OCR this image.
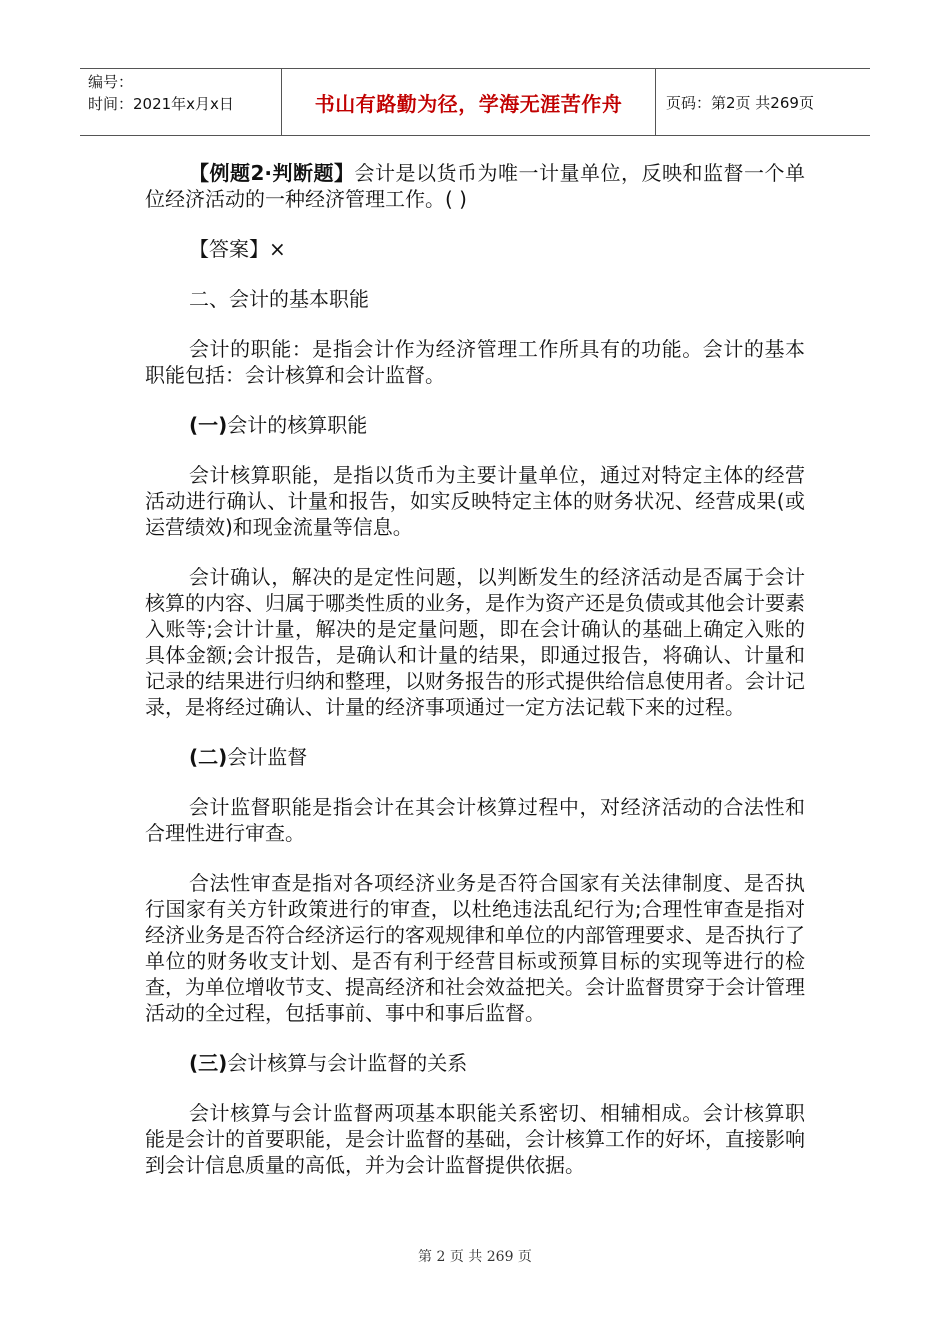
编号：
时间：2021年x月x日	书山有路勤为径，学海无涯苦作舟	页码：第2页 共269页

【例题2·判断题】会计是以货币为唯一计量单位，反映和监督一个单位经济活动的一种经济管理工作。( )

【答案】×

二、会计的基本职能

会计的职能：是指会计作为经济管理工作所具有的功能。会计的基本职能包括：会计核算和会计监督。

(一)会计的核算职能

会计核算职能，是指以货币为主要计量单位，通过对特定主体的经营活动进行确认、计量和报告，如实反映特定主体的财务状况、经营成果(或运营绩效)和现金流量等信息。

会计确认，解决的是定性问题，以判断发生的经济活动是否属于会计核算的内容、归属于哪类性质的业务，是作为资产还是负债或其他会计要素入账等;会计计量，解决的是定量问题，即在会计确认的基础上确定入账的具体金额;会计报告，是确认和计量的结果，即通过报告，将确认、计量和记录的结果进行归纳和整理，以财务报告的形式提供给信息使用者。会计记录，是将经过确认、计量的经济事项通过一定方法记载下来的过程。

(二)会计监督

会计监督职能是指会计在其会计核算过程中，对经济活动的合法性和合理性进行审查。

合法性审查是指对各项经济业务是否符合国家有关法律制度、是否执行国家有关方针政策进行的审查，以杜绝违法乱纪行为;合理性审查是指对经济业务是否符合经济运行的客观规律和单位的内部管理要求、是否执行了单位的财务收支计划、是否有利于经营目标或预算目标的实现等进行的检查，为单位增收节支、提高经济和社会效益把关。会计监督贯穿于会计管理活动的全过程，包括事前、事中和事后监督。

(三)会计核算与会计监督的关系

会计核算与会计监督两项基本职能关系密切、相辅相成。会计核算职能是会计的首要职能，是会计监督的基础，会计核算工作的好坏，直接影响到会计信息质量的高低，并为会计监督提供依据。

第 2 页 共 269 页
